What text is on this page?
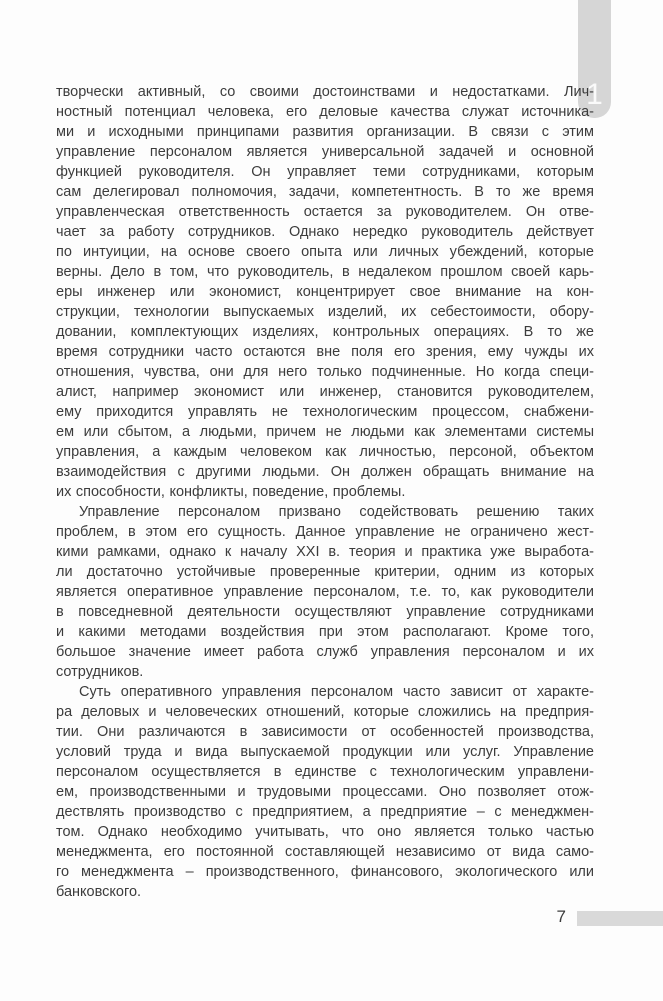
1
творчески активный, со своими достоинствами и недостатками. Лич-
ностный потенциал человека, его деловые качества служат источника-
ми и исходными принципами развития организации. В связи с этим
управление персоналом является универсальной задачей и основной
функцией руководителя. Он управляет теми сотрудниками, которым
сам делегировал полномочия, задачи, компетентность. В то же время
управленческая ответственность остается за руководителем. Он отве-
чает за работу сотрудников. Однако нередко руководитель действует
по интуиции, на основе своего опыта или личных убеждений, которые
верны. Дело в том, что руководитель, в недалеком прошлом своей карь-
еры инженер или экономист, концентрирует свое внимание на кон-
струкции, технологии выпускаемых изделий, их себестоимости, обору-
довании, комплектующих изделиях, контрольных операциях. В то же
время сотрудники часто остаются вне поля его зрения, ему чужды их
отношения, чувства, они для него только подчиненные. Но когда специ-
алист, например экономист или инженер, становится руководителем,
ему приходится управлять не технологическим процессом, снабжени-
ем или сбытом, а людьми, причем не людьми как элементами системы
управления, а каждым человеком как личностью, персоной, объектом
взаимодействия с другими людьми. Он должен обращать внимание на
их способности, конфликты, поведение, проблемы.
Управление персоналом призвано содействовать решению таких
проблем, в этом его сущность. Данное управление не ограничено жест-
кими рамками, однако к началу XXI в. теория и практика уже выработа-
ли достаточно устойчивые проверенные критерии, одним из которых
является оперативное управление персоналом, т.е. то, как руководители
в повседневной деятельности осуществляют управление сотрудниками
и какими методами воздействия при этом располагают. Кроме того,
большое значение имеет работа служб управления персоналом и их
сотрудников.
Суть оперативного управления персоналом часто зависит от характе-
ра деловых и человеческих отношений, которые сложились на предприя-
тии. Они различаются в зависимости от особенностей производства,
условий труда и вида выпускаемой продукции или услуг. Управление
персоналом осуществляется в единстве с технологическим управлени-
ем, производственными и трудовыми процессами. Оно позволяет отож-
дествлять производство с предприятием, а предприятие – с менеджмен-
том. Однако необходимо учитывать, что оно является только частью
менеджмента, его постоянной составляющей независимо от вида само-
го менеджмента – производственного, финансового, экологического или
банковского.
7
